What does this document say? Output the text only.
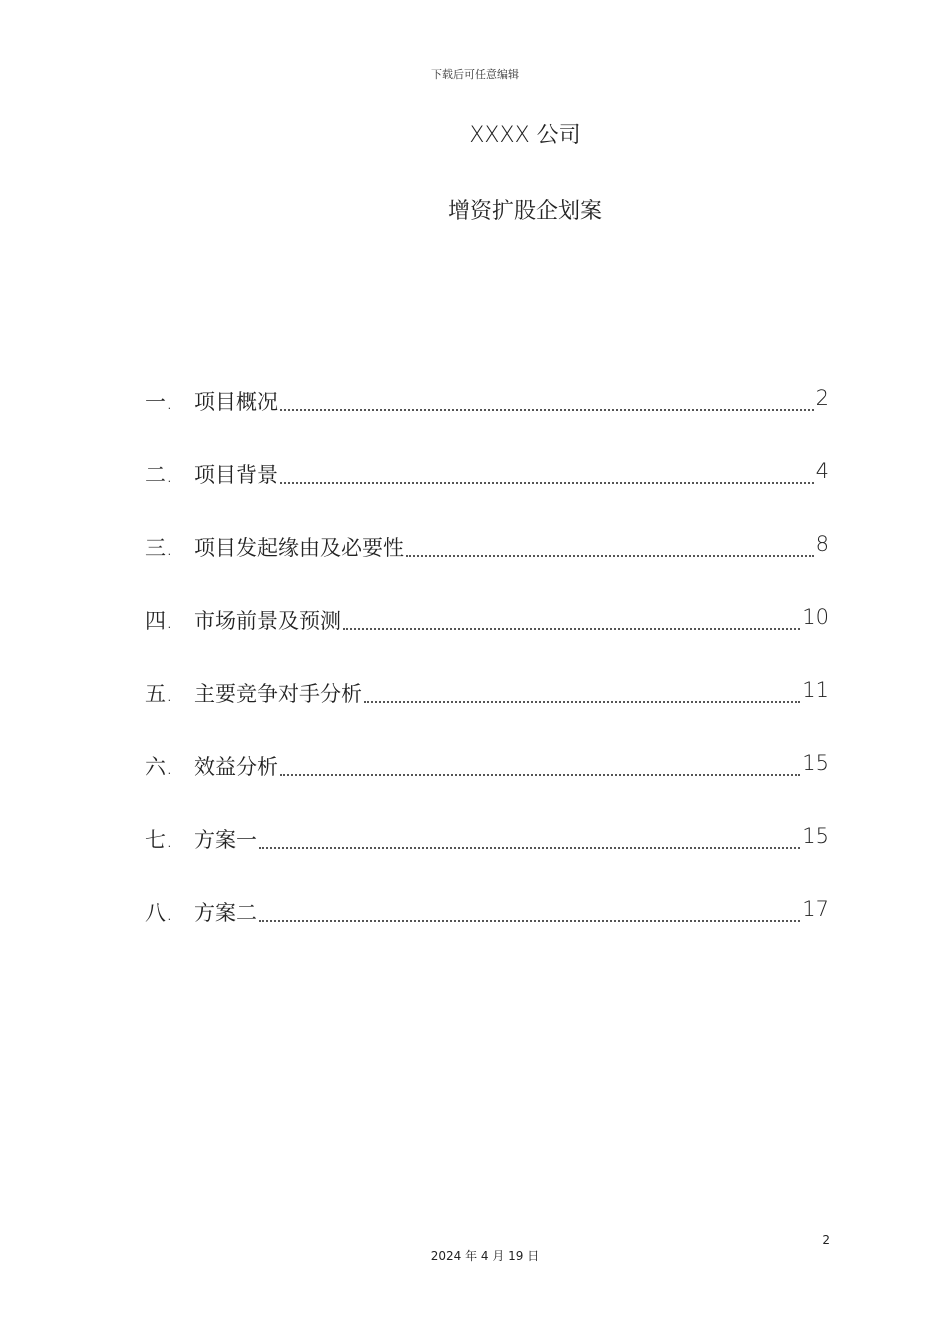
下载后可任意编辑
XXXX 公司
增资扩股企划案
一.	项目概况	2
二.	项目背景	4
三.	项目发起缘由及必要性	8
四.	市场前景及预测	10
五.	主要竞争对手分析	11
六.	效益分析	15
七.	方案一	15
八.	方案二	17
2
2024 年 4 月 19 日
